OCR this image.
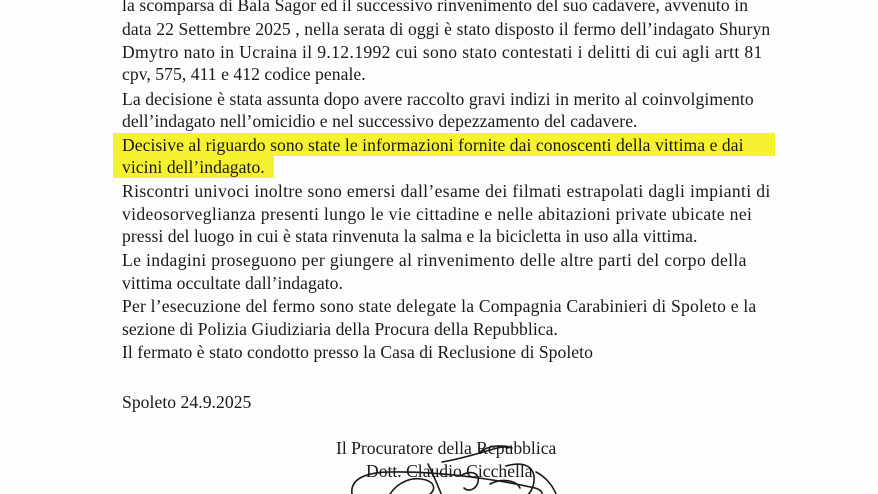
la scomparsa di Bala Sagor ed il successivo rinvenimento del suo cadavere, avvenuto in
data 22 Settembre 2025 , nella serata di oggi è stato disposto il fermo dell’indagato Shuryn
Dmytro nato in Ucraina il 9.12.1992 cui sono stato contestati i delitti di cui agli artt 81
cpv, 575, 411 e 412 codice penale.
La decisione è stata assunta dopo avere raccolto gravi indizi in merito al coinvolgimento
dell’indagato nell’omicidio e nel successivo depezzamento del cadavere.
Decisive al riguardo sono state le informazioni fornite dai conoscenti della vittima e dai
vicini dell’indagato.
Riscontri univoci inoltre sono emersi dall’esame dei filmati estrapolati dagli impianti di
videosorveglianza presenti lungo le vie cittadine e nelle abitazioni private ubicate nei
pressi del luogo in cui è stata rinvenuta la salma e la bicicletta in uso alla vittima.
Le indagini proseguono per giungere al rinvenimento delle altre parti del corpo della
vittima occultate dall’indagato.
Per l’esecuzione del fermo sono state delegate la Compagnia Carabinieri di Spoleto e la
sezione di Polizia Giudiziaria della Procura della Repubblica.
Il fermato è stato condotto presso la Casa di Reclusione di Spoleto
Spoleto 24.9.2025
Il Procuratore della Repubblica
Dott. Claudio Cicchella
